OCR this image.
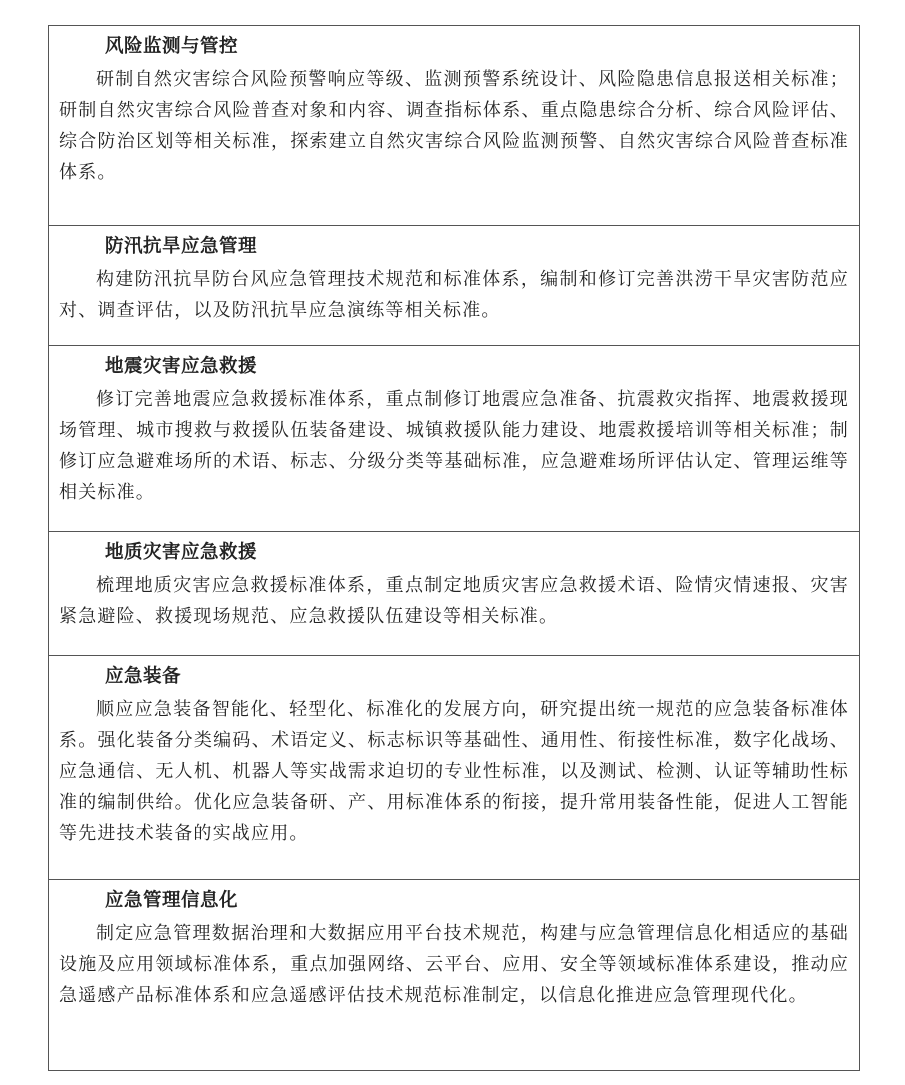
风险监测与管控

研制自然灾害综合风险预警响应等级、监测预警系统设计、风险隐患信息报送相关标准；研制自然灾害综合风险普查对象和内容、调查指标体系、重点隐患综合分析、综合风险评估、综合防治区划等相关标准，探索建立自然灾害综合风险监测预警、自然灾害综合风险普查标准体系。

防汛抗旱应急管理

构建防汛抗旱防台风应急管理技术规范和标准体系，编制和修订完善洪涝干旱灾害防范应对、调查评估，以及防汛抗旱应急演练等相关标准。

地震灾害应急救援

修订完善地震应急救援标准体系，重点制修订地震应急准备、抗震救灾指挥、地震救援现场管理、城市搜救与救援队伍装备建设、城镇救援队能力建设、地震救援培训等相关标准；制修订应急避难场所的术语、标志、分级分类等基础标准，应急避难场所评估认定、管理运维等相关标准。

地质灾害应急救援

梳理地质灾害应急救援标准体系，重点制定地质灾害应急救援术语、险情灾情速报、灾害紧急避险、救援现场规范、应急救援队伍建设等相关标准。

应急装备

顺应应急装备智能化、轻型化、标准化的发展方向，研究提出统一规范的应急装备标准体系。强化装备分类编码、术语定义、标志标识等基础性、通用性、衔接性标准，数字化战场、应急通信、无人机、机器人等实战需求迫切的专业性标准，以及测试、检测、认证等辅助性标准的编制供给。优化应急装备研、产、用标准体系的衔接，提升常用装备性能，促进人工智能等先进技术装备的实战应用。

应急管理信息化

制定应急管理数据治理和大数据应用平台技术规范，构建与应急管理信息化相适应的基础设施及应用领域标准体系，重点加强网络、云平台、应用、安全等领域标准体系建设，推动应急遥感产品标准体系和应急遥感评估技术规范标准制定，以信息化推进应急管理现代化。
